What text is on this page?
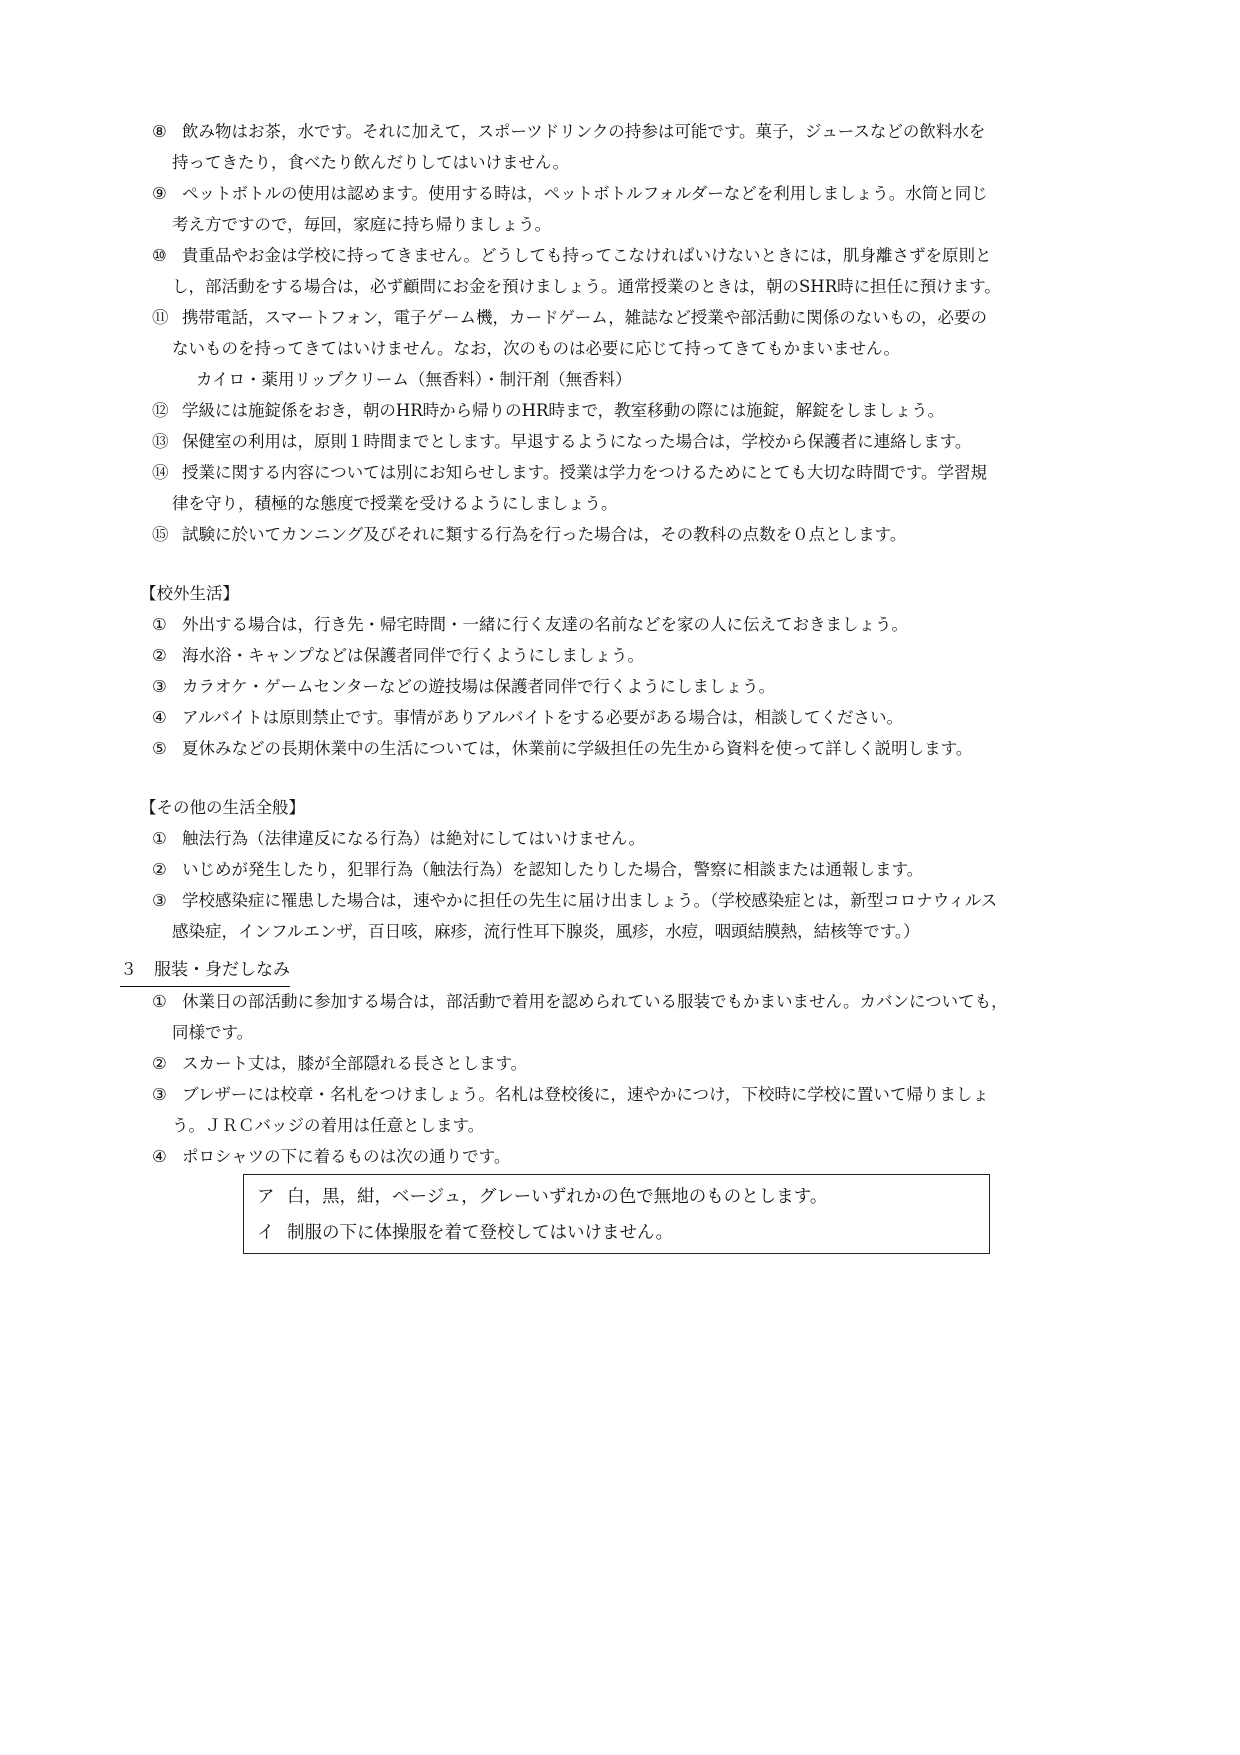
⑧ 飲み物はお茶，水です。それに加えて，スポーツドリンクの持参は可能です。菓子，ジュースなどの飲料水を
持ってきたり，食べたり飲んだりしてはいけません。
⑨ ペットボトルの使用は認めます。使用する時は，ペットボトルフォルダーなどを利用しましょう。水筒と同じ
考え方ですので，毎回，家庭に持ち帰りましょう。
⑩ 貴重品やお金は学校に持ってきません。どうしても持ってこなければいけないときには，肌身離さずを原則と
し，部活動をする場合は，必ず顧問にお金を預けましょう。通常授業のときは，朝のSHR時に担任に預けます。
⑪ 携帯電話，スマートフォン，電子ゲーム機，カードゲーム，雑誌など授業や部活動に関係のないもの，必要の
ないものを持ってきてはいけません。なお，次のものは必要に応じて持ってきてもかまいません。
カイロ・薬用リップクリーム（無香料）・制汗剤（無香料）
⑫ 学級には施錠係をおき，朝のHR時から帰りのHR時まで，教室移動の際には施錠，解錠をしましょう。
⑬ 保健室の利用は，原則１時間までとします。早退するようになった場合は，学校から保護者に連絡します。
⑭ 授業に関する内容については別にお知らせします。授業は学力をつけるためにとても大切な時間です。学習規
律を守り，積極的な態度で授業を受けるようにしましょう。
⑮ 試験に於いてカンニング及びそれに類する行為を行った場合は，その教科の点数を０点とします。
【校外生活】
① 外出する場合は，行き先・帰宅時間・一緒に行く友達の名前などを家の人に伝えておきましょう。
② 海水浴・キャンプなどは保護者同伴で行くようにしましょう。
③ カラオケ・ゲームセンターなどの遊技場は保護者同伴で行くようにしましょう。
④ アルバイトは原則禁止です。事情がありアルバイトをする必要がある場合は，相談してください。
⑤ 夏休みなどの長期休業中の生活については，休業前に学級担任の先生から資料を使って詳しく説明します。
【その他の生活全般】
① 触法行為（法律違反になる行為）は絶対にしてはいけません。
② いじめが発生したり，犯罪行為（触法行為）を認知したりした場合，警察に相談または通報します。
③ 学校感染症に罹患した場合は，速やかに担任の先生に届け出ましょう。（学校感染症とは，新型コロナウィルス
感染症，インフルエンザ，百日咳，麻疹，流行性耳下腺炎，風疹，水痘，咽頭結膜熱，結核等です。）
３　服装・身だしなみ
① 休業日の部活動に参加する場合は，部活動で着用を認められている服装でもかまいません。カバンについても，
同様です。
② スカート丈は，膝が全部隠れる長さとします。
③ ブレザーには校章・名札をつけましょう。名札は登校後に，速やかにつけ，下校時に学校に置いて帰りましょ
う。ＪＲＣバッジの着用は任意とします。
④ ポロシャツの下に着るものは次の通りです。
ア 白，黒，紺，ベージュ，グレーいずれかの色で無地のものとします。
イ 制服の下に体操服を着て登校してはいけません。
